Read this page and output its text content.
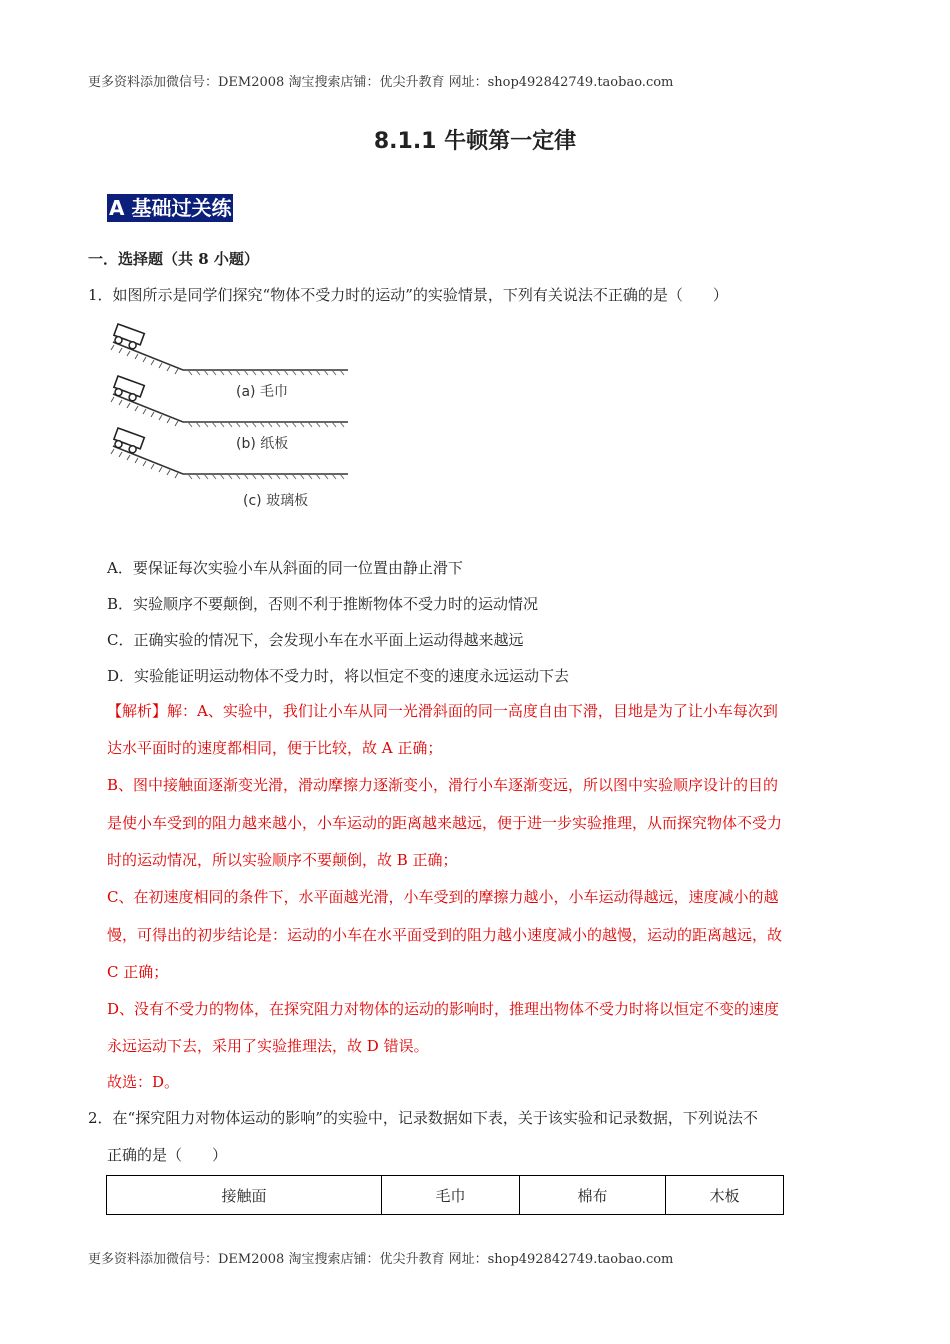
更多资料添加微信号：DEM2008 淘宝搜索店铺：优尖升教育 网址：shop492842749.taobao.com
8.1.1 牛顿第一定律
A 基础过关练
一．选择题（共 8 小题）
1．如图所示是同学们探究“物体不受力时的运动”的实验情景，下列有关说法不正确的是（　　）
(a) 毛巾
(b) 纸板
(c) 玻璃板
A．要保证每次实验小车从斜面的同一位置由静止滑下
B．实验顺序不要颠倒，否则不利于推断物体不受力时的运动情况
C．正确实验的情况下，会发现小车在水平面上运动得越来越远
D．实验能证明运动物体不受力时，将以恒定不变的速度永远运动下去
【解析】解：A、实验中，我们让小车从同一光滑斜面的同一高度自由下滑，目地是为了让小车每次到
达水平面时的速度都相同，便于比较，故 A 正确；
B、图中接触面逐渐变光滑，滑动摩擦力逐渐变小，滑行小车逐渐变远，所以图中实验顺序设计的目的
是使小车受到的阻力越来越小，小车运动的距离越来越远，便于进一步实验推理，从而探究物体不受力
时的运动情况，所以实验顺序不要颠倒，故 B 正确；
C、在初速度相同的条件下，水平面越光滑，小车受到的摩擦力越小，小车运动得越远，速度减小的越
慢，可得出的初步结论是：运动的小车在水平面受到的阻力越小速度减小的越慢，运动的距离越远，故
C 正确；
D、没有不受力的物体，在探究阻力对物体的运动的影响时，推理出物体不受力时将以恒定不变的速度
永远运动下去，采用了实验推理法，故 D 错误。
故选：D。
2．在“探究阻力对物体运动的影响”的实验中，记录数据如下表，关于该实验和记录数据，下列说法不
正确的是（　　）
接触面	毛巾	棉布	木板
更多资料添加微信号：DEM2008 淘宝搜索店铺：优尖升教育 网址：shop492842749.taobao.com
